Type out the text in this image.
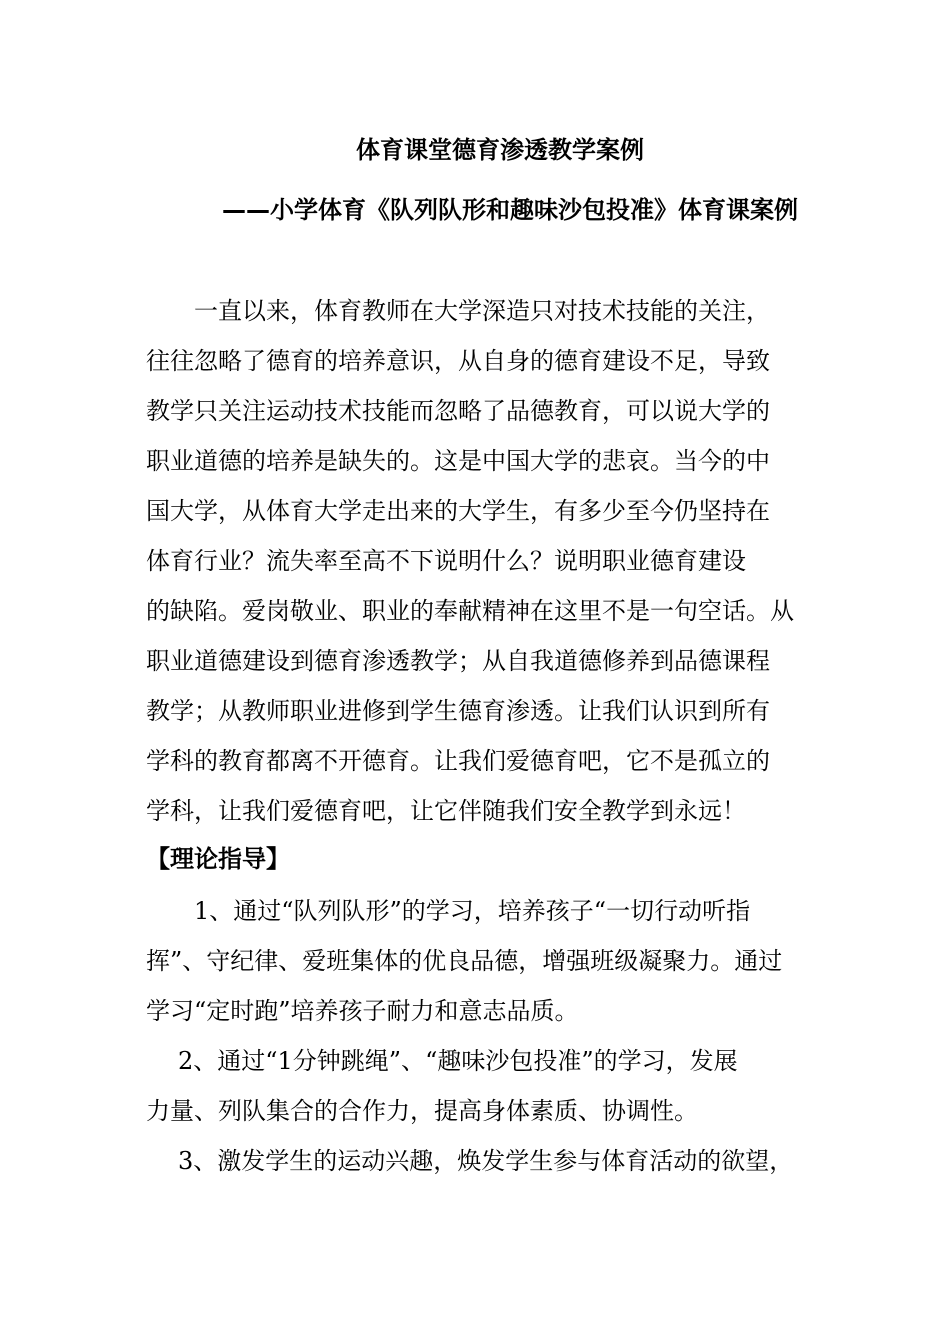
体育课堂德育渗透教学案例
——小学体育《队列队形和趣味沙包投准》体育课案例
一直以来，体育教师在大学深造只对技术技能的关注，
往往忽略了德育的培养意识，从自身的德育建设不足，导致
教学只关注运动技术技能而忽略了品德教育，可以说大学的
职业道德的培养是缺失的。这是中国大学的悲哀。当今的中
国大学，从体育大学走出来的大学生，有多少至今仍坚持在
体育行业？流失率至高不下说明什么？说明职业德育建设
的缺陷。爱岗敬业、职业的奉献精神在这里不是一句空话。从
职业道德建设到德育渗透教学；从自我道德修养到品德课程
教学；从教师职业进修到学生德育渗透。让我们认识到所有
学科的教育都离不开德育。让我们爱德育吧，它不是孤立的
学科，让我们爱德育吧，让它伴随我们安全教学到永远！
【理论指导】
1、通过“队列队形”的学习，培养孩子“一切行动听指
挥”、守纪律、爱班集体的优良品德，增强班级凝聚力。通过
学习“定时跑”培养孩子耐力和意志品质。
2、通过“1分钟跳绳”、“趣味沙包投准”的学习，发展
力量、列队集合的合作力，提高身体素质、协调性。
3、激发学生的运动兴趣，焕发学生参与体育活动的欲望，
